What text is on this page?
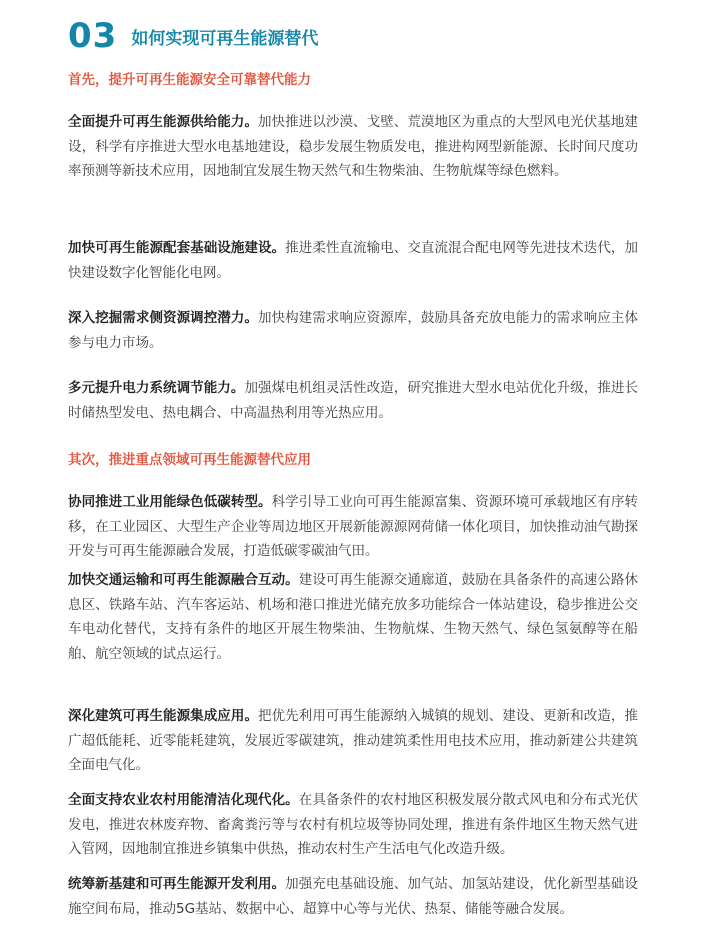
03 如何实现可再生能源替代
首先，提升可再生能源安全可靠替代能力
全面提升可再生能源供给能力。加快推进以沙漠、戈壁、荒漠地区为重点的大型风电光伏基地建设，科学有序推进大型水电基地建设，稳步发展生物质发电，推进构网型新能源、长时间尺度功率预测等新技术应用，因地制宜发展生物天然气和生物柴油、生物航煤等绿色燃料。
加快可再生能源配套基础设施建设。推进柔性直流输电、交直流混合配电网等先进技术迭代，加快建设数字化智能化电网。
深入挖掘需求侧资源调控潜力。加快构建需求响应资源库，鼓励具备充放电能力的需求响应主体参与电力市场。
多元提升电力系统调节能力。加强煤电机组灵活性改造，研究推进大型水电站优化升级，推进长时储热型发电、热电耦合、中高温热利用等光热应用。
其次，推进重点领域可再生能源替代应用
协同推进工业用能绿色低碳转型。科学引导工业向可再生能源富集、资源环境可承载地区有序转移，在工业园区、大型生产企业等周边地区开展新能源源网荷储一体化项目，加快推动油气勘探开发与可再生能源融合发展，打造低碳零碳油气田。
加快交通运输和可再生能源融合互动。建设可再生能源交通廊道，鼓励在具备条件的高速公路休息区、铁路车站、汽车客运站、机场和港口推进光储充放多功能综合一体站建设，稳步推进公交车电动化替代，支持有条件的地区开展生物柴油、生物航煤、生物天然气、绿色氢氨醇等在船舶、航空领域的试点运行。
深化建筑可再生能源集成应用。把优先利用可再生能源纳入城镇的规划、建设、更新和改造，推广超低能耗、近零能耗建筑，发展近零碳建筑，推动建筑柔性用电技术应用，推动新建公共建筑全面电气化。
全面支持农业农村用能清洁化现代化。在具备条件的农村地区积极发展分散式风电和分布式光伏发电，推进农林废弃物、畜禽粪污等与农村有机垃圾等协同处理，推进有条件地区生物天然气进入管网，因地制宜推进乡镇集中供热，推动农村生产生活电气化改造升级。
统筹新基建和可再生能源开发利用。加强充电基础设施、加气站、加氢站建设，优化新型基础设施空间布局，推动5G基站、数据中心、超算中心等与光伏、热泵、储能等融合发展。
